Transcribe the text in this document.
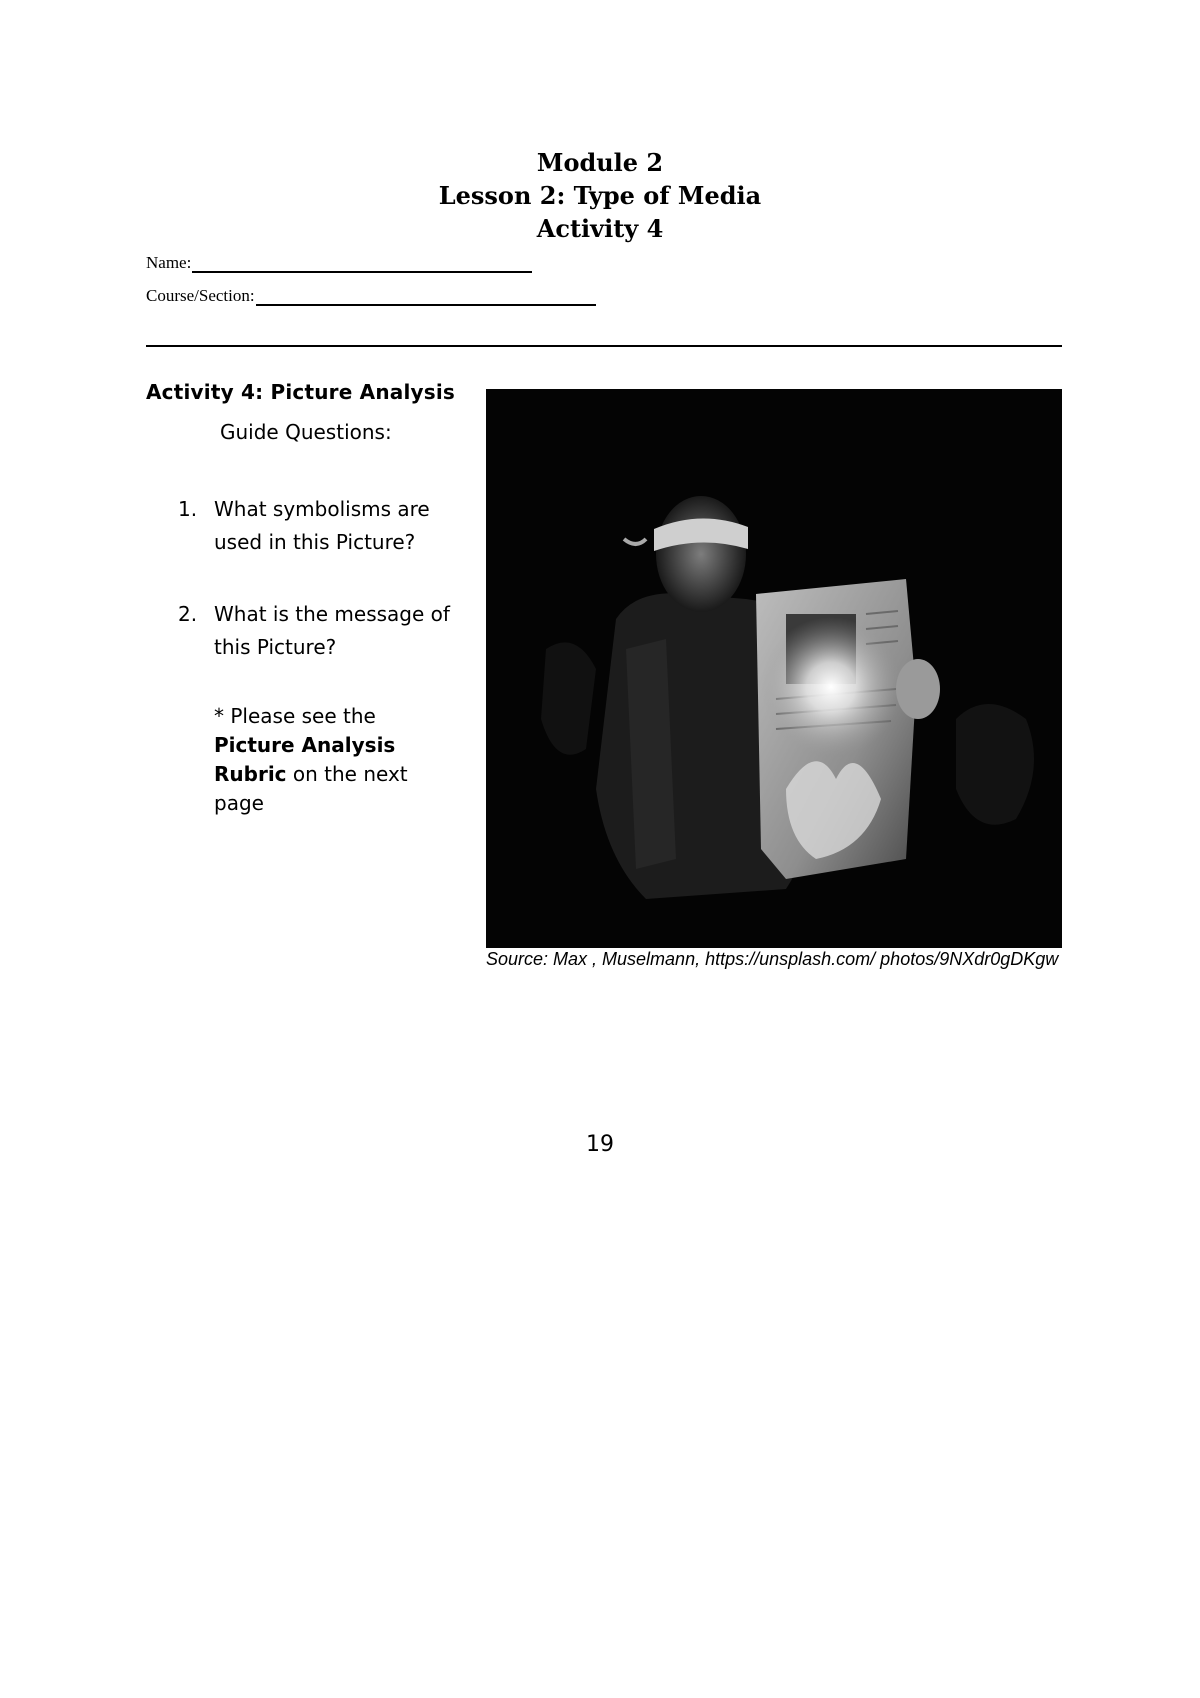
Module 2
Lesson 2: Type of Media
Activity 4
Name:
Course/Section:

Activity 4: Picture Analysis

Guide Questions:
1. What symbolisms are used in this Picture?
2. What is the message of this Picture?
* Please see the
Picture Analysis Rubric on the next page
Source: Max , Muselmann, https://unsplash.com/ photos/9NXdr0gDKgw
19
